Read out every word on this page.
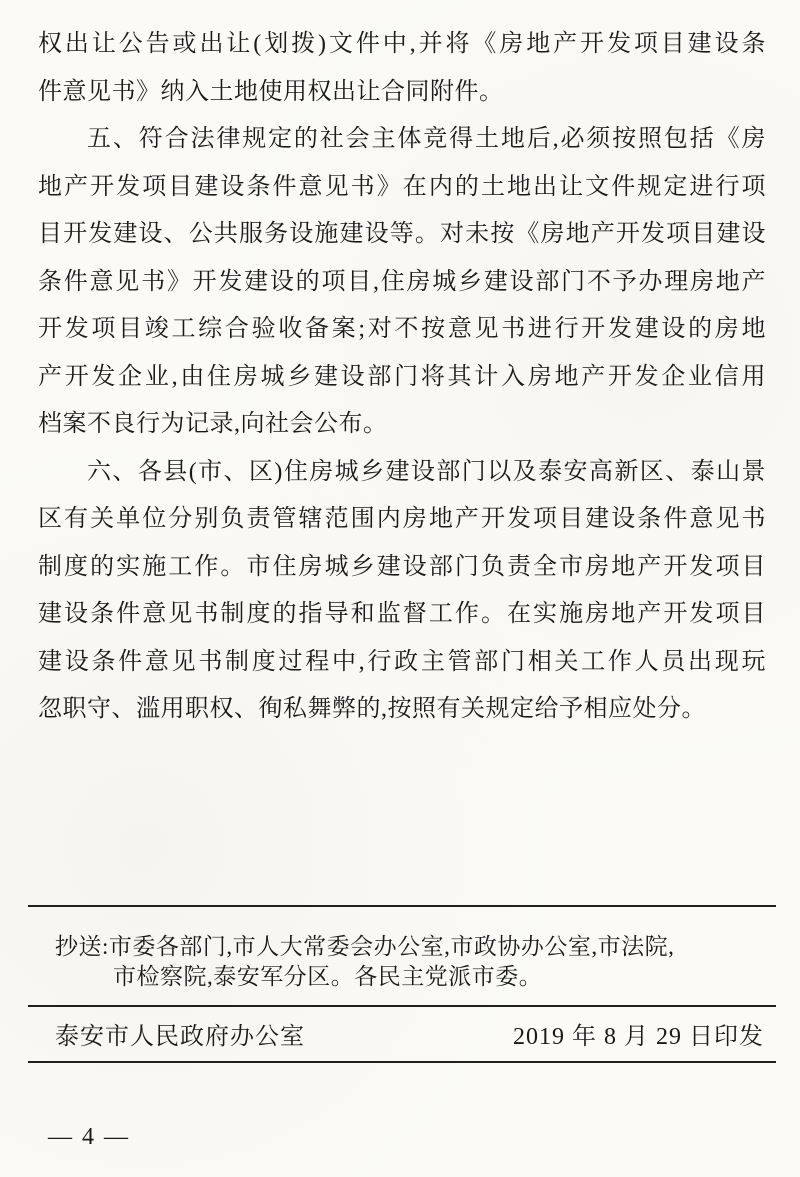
权出让公告或出让(划拨)文件中,并将《房地产开发项目建设条
件意见书》纳入土地使用权出让合同附件。
五、符合法律规定的社会主体竞得土地后,必须按照包括《房
地产开发项目建设条件意见书》在内的土地出让文件规定进行项
目开发建设、公共服务设施建设等。对未按《房地产开发项目建设
条件意见书》开发建设的项目,住房城乡建设部门不予办理房地产
开发项目竣工综合验收备案;对不按意见书进行开发建设的房地
产开发企业,由住房城乡建设部门将其计入房地产开发企业信用
档案不良行为记录,向社会公布。
六、各县(市、区)住房城乡建设部门以及泰安高新区、泰山景
区有关单位分别负责管辖范围内房地产开发项目建设条件意见书
制度的实施工作。市住房城乡建设部门负责全市房地产开发项目
建设条件意见书制度的指导和监督工作。在实施房地产开发项目
建设条件意见书制度过程中,行政主管部门相关工作人员出现玩
忽职守、滥用职权、徇私舞弊的,按照有关规定给予相应处分。
抄送:市委各部门,市人大常委会办公室,市政协办公室,市法院,
市检察院,泰安军分区。各民主党派市委。
泰安市人民政府办公室	2019 年 8 月 29 日印发
— 4 —
